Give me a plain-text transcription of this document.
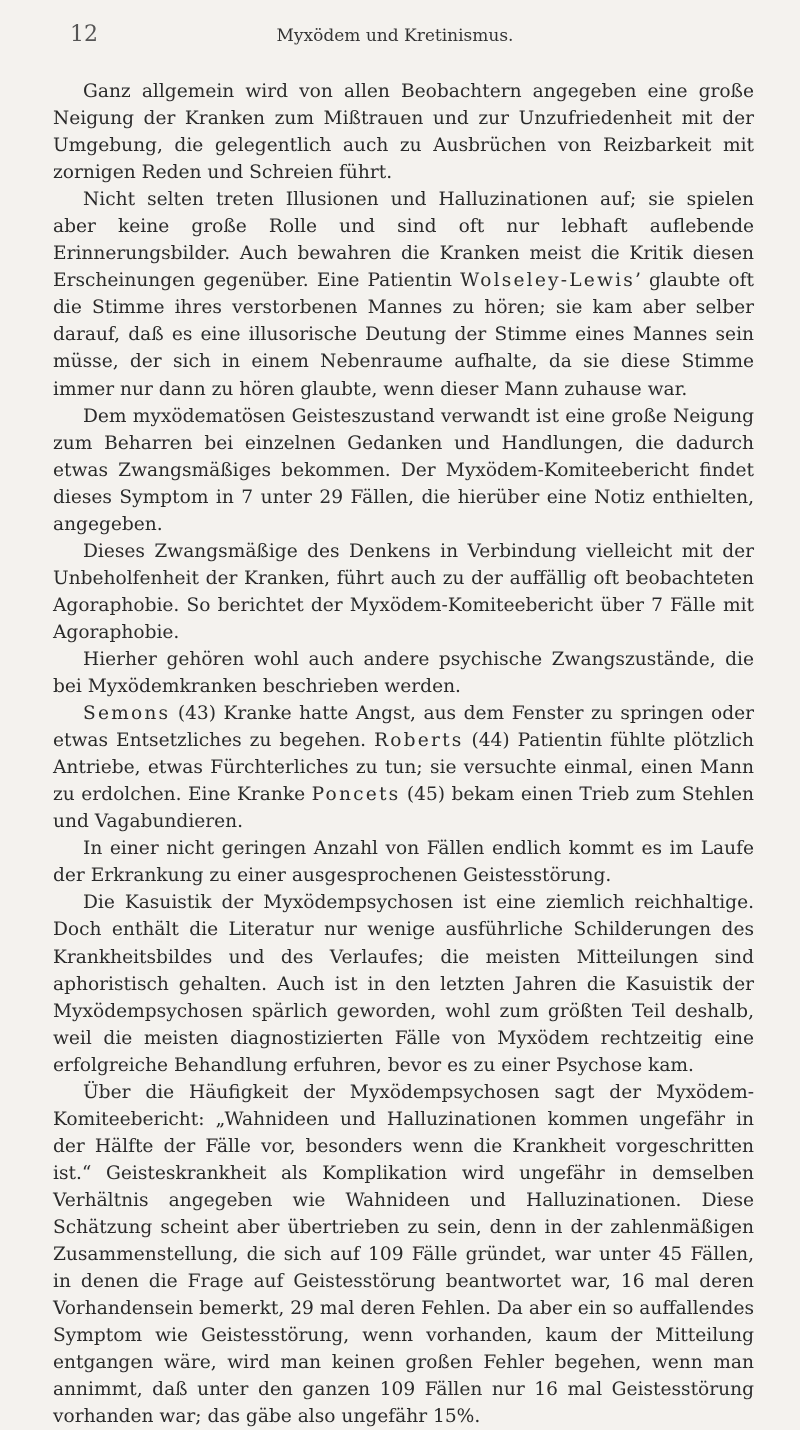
12	Myxödem und Kretinismus.

Ganz allgemein wird von allen Beobachtern angegeben eine große Neigung der Kranken zum Mißtrauen und zur Unzufriedenheit mit der Umgebung, die gelegentlich auch zu Ausbrüchen von Reizbarkeit mit zornigen Reden und Schreien führt.

Nicht selten treten Illusionen und Halluzinationen auf; sie spielen aber keine große Rolle und sind oft nur lebhaft auflebende Erinnerungsbilder. Auch bewahren die Kranken meist die Kritik diesen Erscheinungen gegenüber. Eine Patientin Wolseley-Lewis’ glaubte oft die Stimme ihres verstorbenen Mannes zu hören; sie kam aber selber darauf, daß es eine illusorische Deutung der Stimme eines Mannes sein müsse, der sich in einem Nebenraume aufhalte, da sie diese Stimme immer nur dann zu hören glaubte, wenn dieser Mann zuhause war.

Dem myxödematösen Geisteszustand verwandt ist eine große Neigung zum Beharren bei einzelnen Gedanken und Handlungen, die dadurch etwas Zwangsmäßiges bekommen. Der Myxödem-Komiteebericht findet dieses Symptom in 7 unter 29 Fällen, die hierüber eine Notiz enthielten, angegeben.

Dieses Zwangsmäßige des Denkens in Verbindung vielleicht mit der Unbeholfenheit der Kranken, führt auch zu der auffällig oft beobachteten Agoraphobie. So berichtet der Myxödem-Komiteebericht über 7 Fälle mit Agoraphobie.

Hierher gehören wohl auch andere psychische Zwangszustände, die bei Myxödemkranken beschrieben werden.

Semons (43) Kranke hatte Angst, aus dem Fenster zu springen oder etwas Entsetzliches zu begehen. Roberts (44) Patientin fühlte plötzlich Antriebe, etwas Fürchterliches zu tun; sie versuchte einmal, einen Mann zu erdolchen. Eine Kranke Poncets (45) bekam einen Trieb zum Stehlen und Vagabundieren.

In einer nicht geringen Anzahl von Fällen endlich kommt es im Laufe der Erkrankung zu einer ausgesprochenen Geistesstörung.

Die Kasuistik der Myxödempsychosen ist eine ziemlich reichhaltige. Doch enthält die Literatur nur wenige ausführliche Schilderungen des Krankheitsbildes und des Verlaufes; die meisten Mitteilungen sind aphoristisch gehalten. Auch ist in den letzten Jahren die Kasuistik der Myxödempsychosen spärlich geworden, wohl zum größten Teil deshalb, weil die meisten diagnostizierten Fälle von Myxödem rechtzeitig eine erfolgreiche Behandlung erfuhren, bevor es zu einer Psychose kam.

Über die Häufigkeit der Myxödempsychosen sagt der Myxödem-Komiteebericht: „Wahnideen und Halluzinationen kommen ungefähr in der Hälfte der Fälle vor, besonders wenn die Krankheit vorgeschritten ist.“ Geisteskrankheit als Komplikation wird ungefähr in demselben Verhältnis angegeben wie Wahnideen und Halluzinationen. Diese Schätzung scheint aber übertrieben zu sein, denn in der zahlenmäßigen Zusammenstellung, die sich auf 109 Fälle gründet, war unter 45 Fällen, in denen die Frage auf Geistesstörung beantwortet war, 16 mal deren Vorhandensein bemerkt, 29 mal deren Fehlen. Da aber ein so auffallendes Symptom wie Geistesstörung, wenn vorhanden, kaum der Mitteilung entgangen wäre, wird man keinen großen Fehler begehen, wenn man annimmt, daß unter den ganzen 109 Fällen nur 16 mal Geistesstörung vorhanden war; das gäbe also ungefähr 15%.
